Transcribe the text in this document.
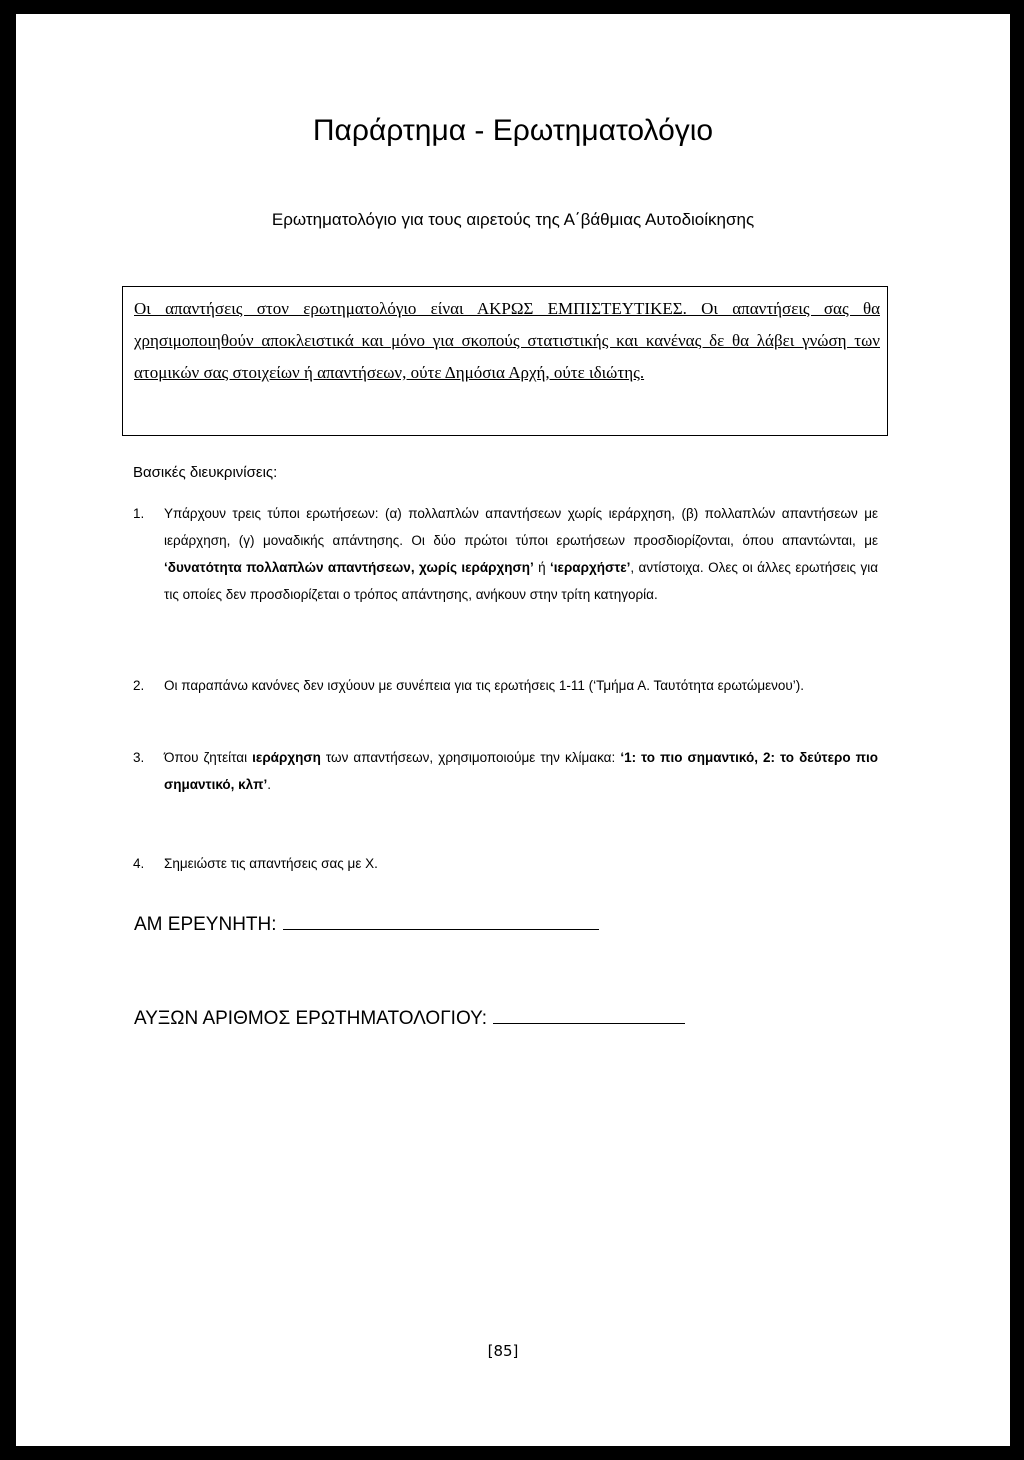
Παράρτημα - Ερωτηματολόγιο

Ερωτηματολόγιο για τους αιρετούς της Α΄βάθμιας Αυτοδιοίκησης

Οι απαντήσεις στον ερωτηματολόγιο είναι ΑΚΡΩΣ ΕΜΠΙΣΤΕΥΤΙΚΕΣ. Οι απαντήσεις σας θα χρησιμοποιηθούν αποκλειστικά και μόνο για σκοπούς στατιστικής και κανένας δε θα λάβει γνώση των ατομικών σας στοιχείων ή απαντήσεων, ούτε Δημόσια Αρχή, ούτε ιδιώτης.

Βασικές διευκρινίσεις:

1. Υπάρχουν τρεις τύποι ερωτήσεων: (α) πολλαπλών απαντήσεων χωρίς ιεράρχηση, (β) πολλαπλών απαντήσεων με ιεράρχηση, (γ) μοναδικής απάντησης. Οι δύο πρώτοι τύποι ερωτήσεων προσδιορίζονται, όπου απαντώνται, με ‘δυνατότητα πολλαπλών απαντήσεων, χωρίς ιεράρχηση’ ή ‘ιεραρχήστε’, αντίστοιχα. Ολες οι άλλες ερωτήσεις για τις οποίες δεν προσδιορίζεται ο τρόπος απάντησης, ανήκουν στην τρίτη κατηγορία.
2. Οι παραπάνω κανόνες δεν ισχύουν με συνέπεια για τις ερωτήσεις 1-11 (‘Τμήμα Α. Ταυτότητα ερωτώμενου’).
3. Όπου ζητείται ιεράρχηση των απαντήσεων, χρησιμοποιούμε την κλίμακα: ‘1: το πιο σημαντικό, 2: το δεύτερο πιο σημαντικό, κλπ’.
4. Σημειώστε τις απαντήσεις σας με Χ.
ΑΜ ΕΡΕΥΝΗΤΗ:
ΑΥΞΩΝ ΑΡΙΘΜΟΣ ΕΡΩΤΗΜΑΤΟΛΟΓΙΟΥ:

[85]
